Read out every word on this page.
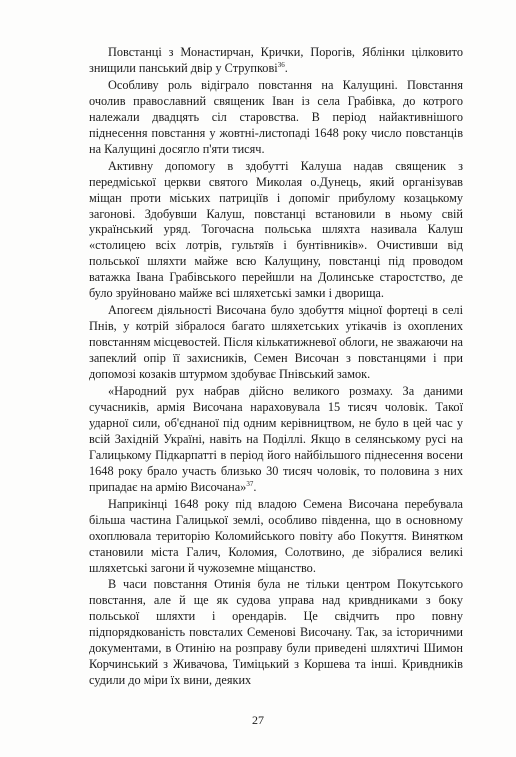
Повстанці з Монастирчан, Крички, Порогів, Яблінки цілковито знищили панський двір у Струпкові$^{36}$.

Особливу роль відіграло повстання на Калущині. Повстання очолив православний священик Іван із села Грабівка, до котрого належали двадцять сіл старовства. В період найактивнішого піднесення повстання у жовтні-листопаді 1648 року число повстанців на Калущині досягло п'яти тисяч.

Активну допомогу в здобутті Калуша надав священик з передміської церкви святого Миколая о.Дунець, який організував міщан проти міських патриціїв і допоміг прибулому козацькому загонові. Здобувши Калуш, повстанці встановили в ньому свій український уряд. Тогочасна польська шляхта називала Калуш «столицею всіх лотрів, гультяїв і бунтівників». Очистивши від польської шляхти майже всю Калущину, повстанці під проводом ватажка Івана Грабівського перейшли на Долинське старостство, де було зруйновано майже всі шляхетські замки і дворища.

Апогеєм діяльності Височана було здобуття міцної фортеці в селі Пнів, у котрій зібралося багато шляхетських утікачів із охоплених повстанням місцевостей. Після кількатижневої облоги, не зважаючи на запеклий опір її захисників, Семен Височан з повстанцями і при допомозі козаків штурмом здобуває Пнівський замок.

«Народний рух набрав дійсно великого розмаху. За даними сучасників, армія Височана нараховувала 15 тисяч чоловік. Такої ударної сили, об'єднаної під одним керівництвом, не було в цей час у всій Західній Україні, навіть на Поділлі. Якщо в селянському русі на Галицькому Підкарпатті в період його найбільшого піднесення восени 1648 року брало участь близько 30 тисяч чоловік, то половина з них припадає на армію Височана»$^{37}$.

Наприкінці 1648 року під владою Семена Височана перебувала більша частина Галицької землі, особливо південна, що в основному охоплювала територію Коломийського повіту або Покуття. Винятком становили міста Галич, Коломия, Солотвино, де зібралися великі шляхетські загони й чужоземне міщанство.

В часи повстання Отинія була не тільки центром Покутського повстання, але й ще як судова управа над кривдниками з боку польської шляхти і орендарів. Це свідчить про повну підпорядкованість повсталих Семенові Височану. Так, за історичними документами, в Отинію на розправу були приведені шляхтичі Шимон Корчинський з Живачова, Тиміцький з Коршева та інші. Кривдників судили до міри їх вини, деяких

27
